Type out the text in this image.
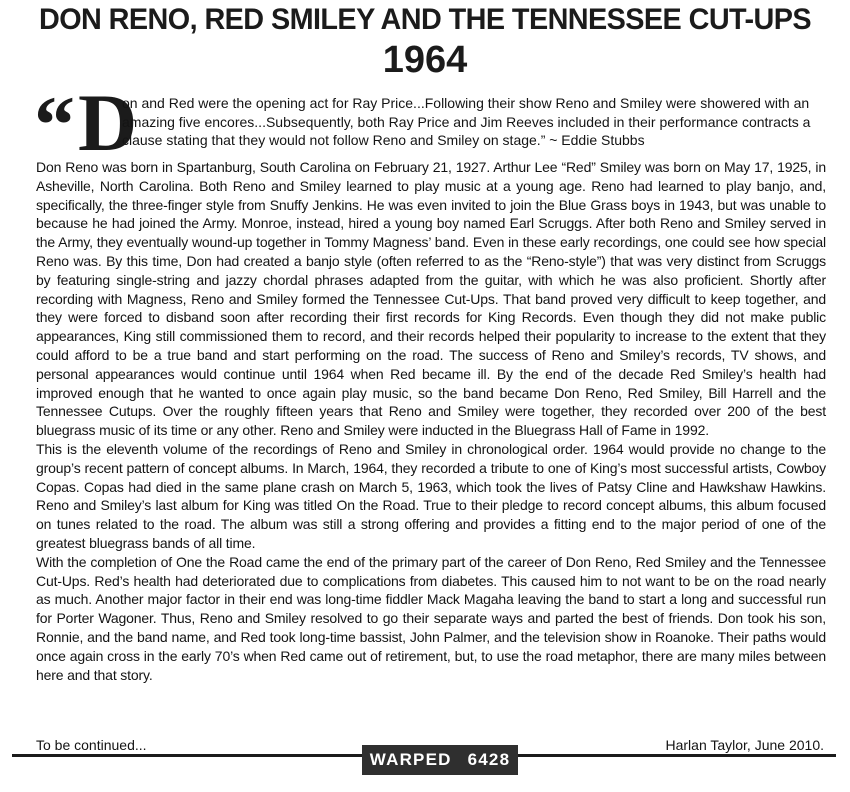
DON RENO, RED SMILEY AND THE TENNESSEE CUT-UPS
1964
“ D
on and Red were the opening act for Ray Price...Following their show Reno and Smiley were showered with an amazing five encores...Subsequently, both Ray Price and Jim Reeves included in their performance contracts a clause stating that they would not follow Reno and Smiley on stage.” ~ Eddie Stubbs

Don Reno was born in Spartanburg, South Carolina on February 21, 1927. Arthur Lee “Red” Smiley was born on May 17, 1925, in Asheville, North Carolina. Both Reno and Smiley learned to play music at a young age. Reno had learned to play banjo, and, specifically, the three-finger style from Snuffy Jenkins. He was even invited to join the Blue Grass boys in 1943, but was unable to because he had joined the Army. Monroe, instead, hired a young boy named Earl Scruggs. After both Reno and Smiley served in the Army, they eventually wound-up together in Tommy Magness’ band. Even in these early recordings, one could see how special Reno was. By this time, Don had created a banjo style (often referred to as the “Reno-style”) that was very distinct from Scruggs by featuring single-string and jazzy chordal phrases adapted from the guitar, with which he was also proficient. Shortly after recording with Magness, Reno and Smiley formed the Tennessee Cut-Ups. That band proved very difficult to keep together, and they were forced to disband soon after recording their first records for King Records. Even though they did not make public appearances, King still commissioned them to record, and their records helped their popularity to increase to the extent that they could afford to be a true band and start performing on the road. The success of Reno and Smiley’s records, TV shows, and personal appearances would continue until 1964 when Red became ill. By the end of the decade Red Smiley’s health had improved enough that he wanted to once again play music, so the band became Don Reno, Red Smiley, Bill Harrell and the Tennessee Cutups. Over the roughly fifteen years that Reno and Smiley were together, they recorded over 200 of the best bluegrass music of its time or any other. Reno and Smiley were inducted in the Bluegrass Hall of Fame in 1992.

This is the eleventh volume of the recordings of Reno and Smiley in chronological order. 1964 would provide no change to the group’s recent pattern of concept albums. In March, 1964, they recorded a tribute to one of King’s most successful artists, Cowboy Copas. Copas had died in the same plane crash on March 5, 1963, which took the lives of Patsy Cline and Hawkshaw Hawkins. Reno and Smiley’s last album for King was titled On the Road. True to their pledge to record concept albums, this album focused on tunes related to the road. The album was still a strong offering and provides a fitting end to the major period of one of the greatest bluegrass bands of all time.

With the completion of One the Road came the end of the primary part of the career of Don Reno, Red Smiley and the Tennessee Cut-Ups. Red’s health had deteriorated due to complications from diabetes. This caused him to not want to be on the road nearly as much. Another major factor in their end was long-time fiddler Mack Magaha leaving the band to start a long and successful run for Porter Wagoner. Thus, Reno and Smiley resolved to go their separate ways and parted the best of friends. Don took his son, Ronnie, and the band name, and Red took long-time bassist, John Palmer, and the television show in Roanoke. Their paths would once again cross in the early 70’s when Red came out of retirement, but, to use the road metaphor, there are many miles between here and that story.

To be continued...	Harlan Taylor, June 2010.
WARPED 6428
